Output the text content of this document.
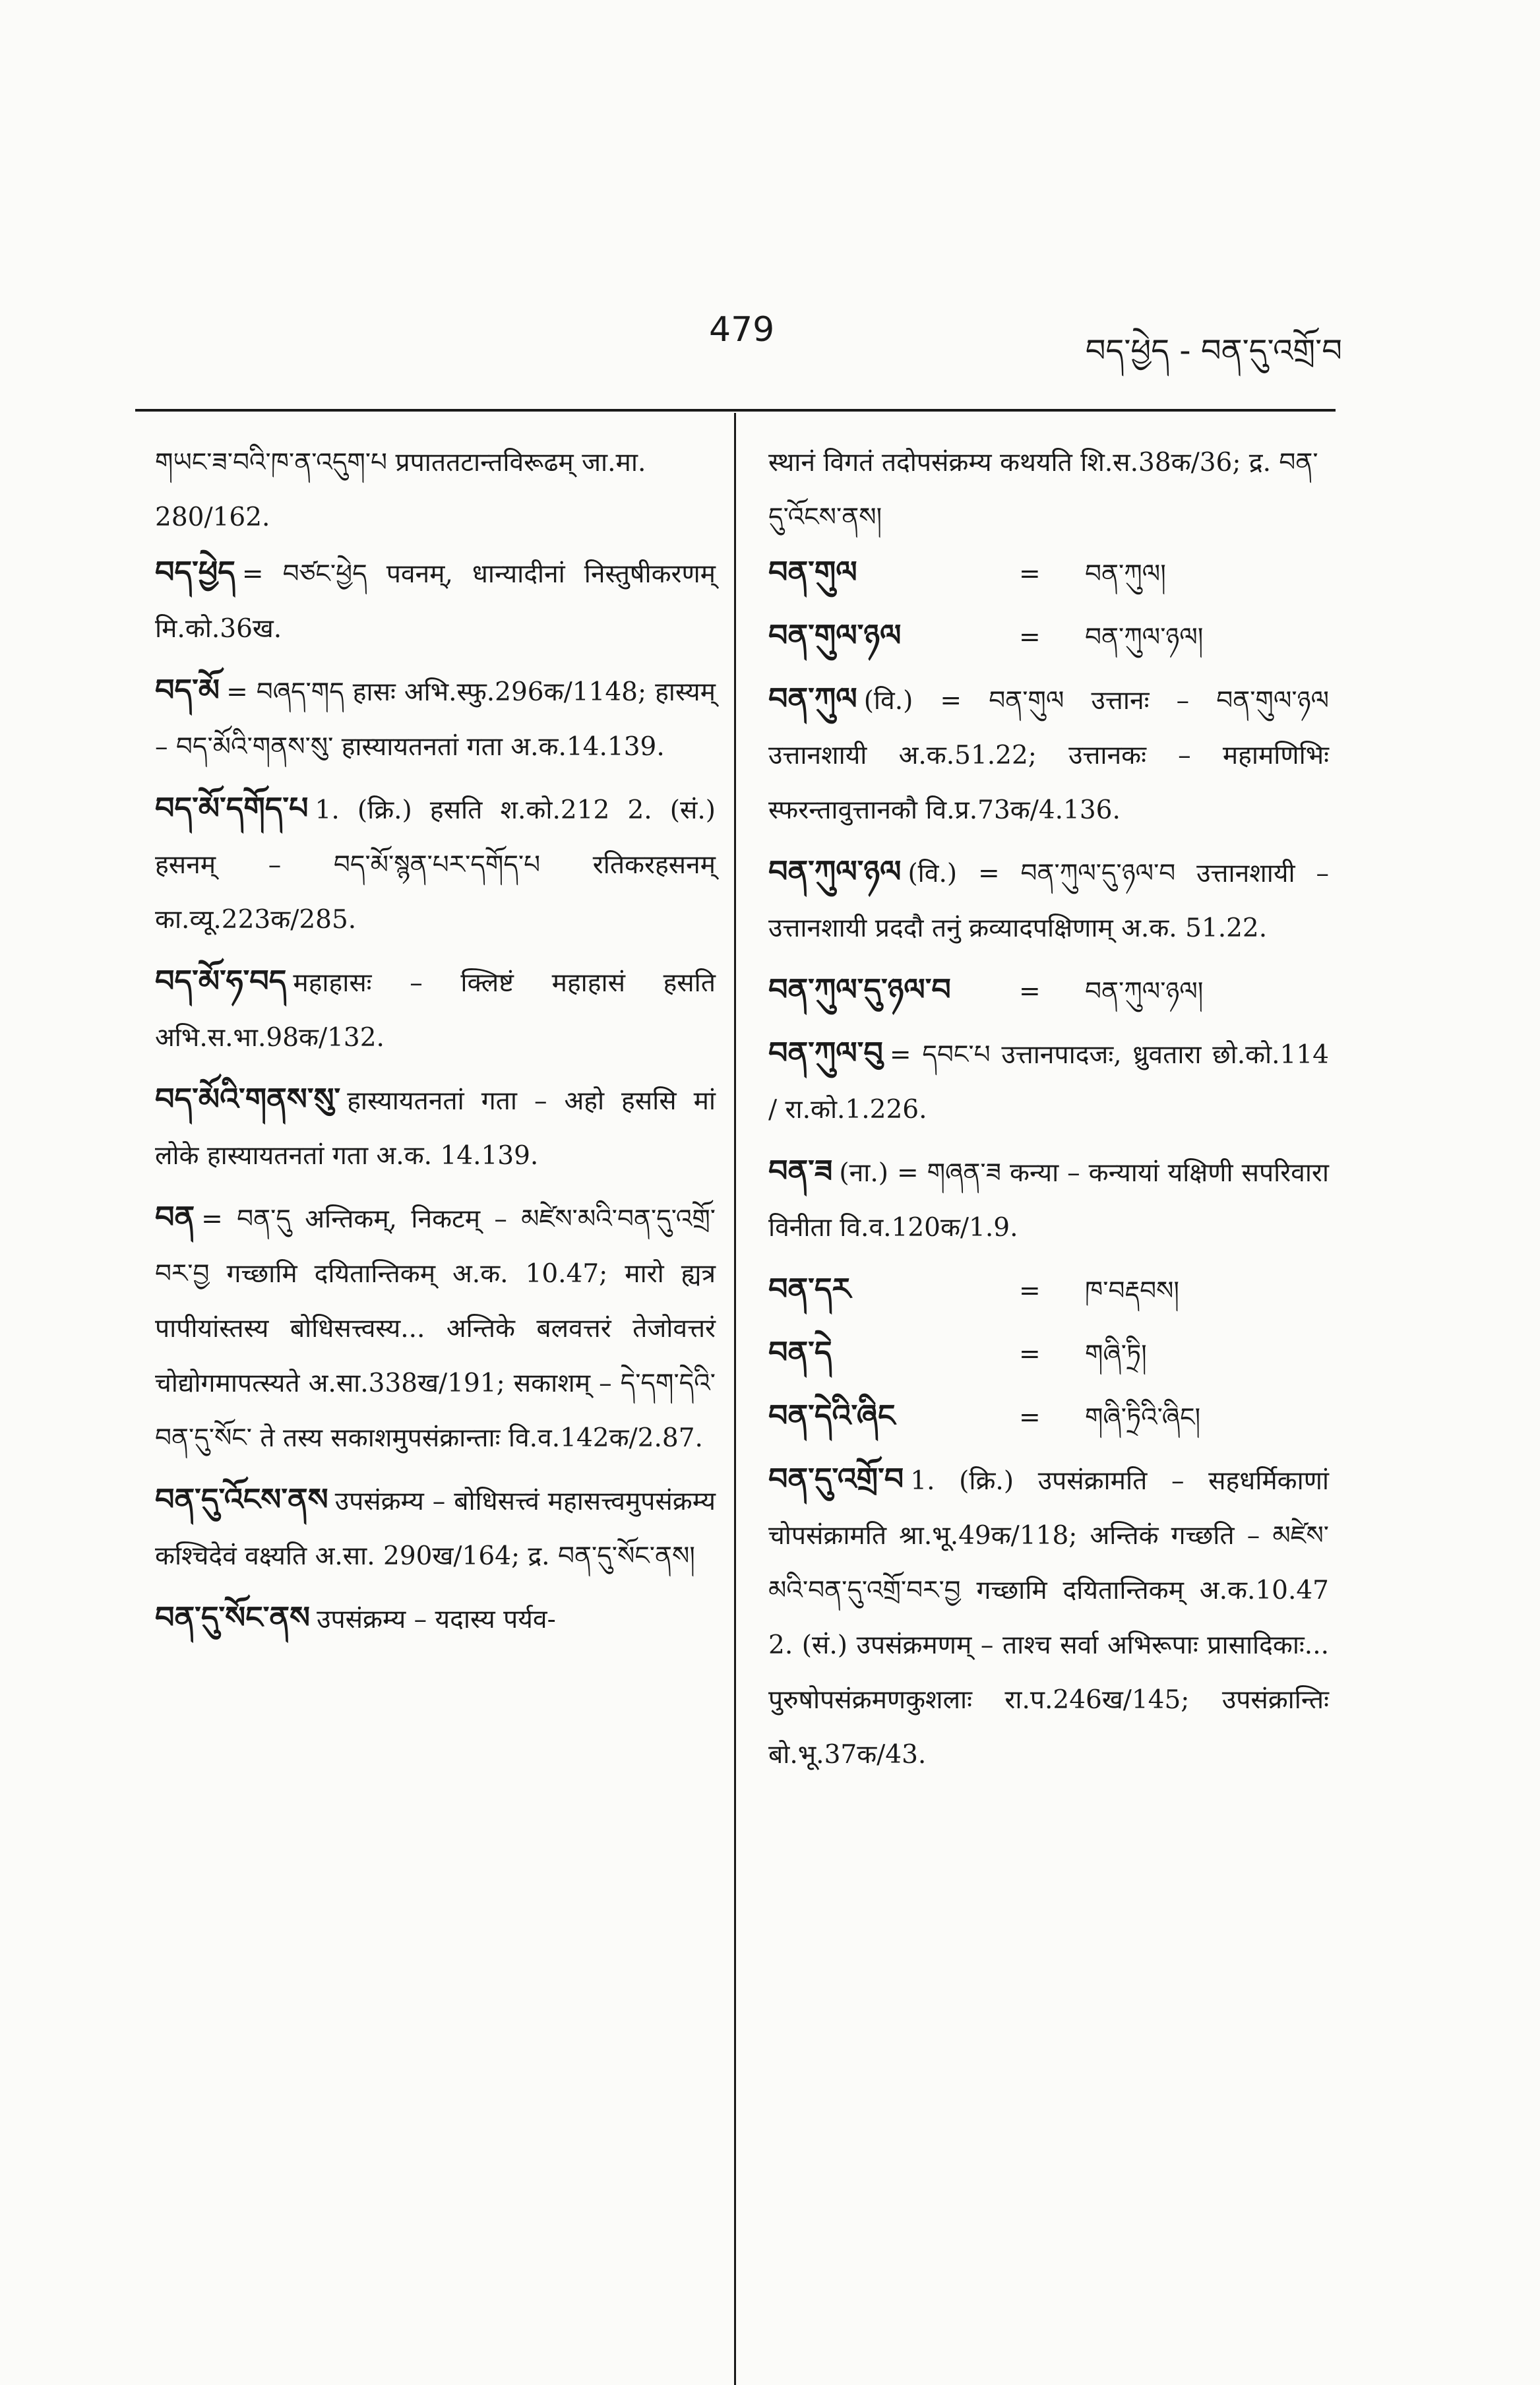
479
བད་ཕྱེད - བན་དུ་འགྲོ་བ

གཡང་ཟ་བའི་ཁ་ན་འདུག་པ प्रपाततटान्तविरूढम् जा.मा. 280/162.

བད་ཕྱེད = བཙང་ཕྱེད पवनम्, धान्यादीनां निस्तुषीकरणम् मि.को.36ख.

བད་མོ = བཞད་གད हासः अभि.स्फु.296क/1148; हास्यम् – བད་མོའི་གནས་སུ་ हास्यायतनतां गता अ.क.14.139.

བད་མོ་དགོད་པ 1. (क्रि.) हसति श.को.212 2. (सं.) हसनम् – བད་མོ་སྙན་པར་དགོད་པ रतिकरहसनम् का.व्यू.223क/285.

བད་མོ་ཧ་བད महाहासः – क्लिष्टं महाहासं हसति अभि.स.भा.98क/132.

བད་མོའི་གནས་སུ་ हास्यायतनतां गता – अहो हससि मां लोके हास्यायतनतां गता अ.क. 14.139.

བན = བན་དུ अन्तिकम्, निकटम् – མཛེས་མའི་བན་དུ་འགྲོ་བར་བྱ गच्छामि दयितान्तिकम् अ.क. 10.47; मारो ह्यत्र पापीयांस्तस्य बोधिसत्त्वस्य... अन्तिके बलवत्तरं तेजोवत्तरं चोद्योगमापत्स्यते अ.सा.338ख/191; सकाशम् – དེ་དག་དེའི་བན་དུ་སོང་ ते तस्य सकाशमुपसंक्रान्ताः वि.व.142क/2.87.

བན་དུ་འོངས་ནས उपसंक्रम्य – बोधिसत्त्वं महासत्त्वमुपसंक्रम्य कश्चिदेवं वक्ष्यति अ.सा. 290ख/164; द्र. བན་དུ་སོང་ནས།

བན་དུ་སོང་ནས उपसंक्रम्य – यदास्य पर्यव-

स्थानं विगतं तदोपसंक्रम्य कथयति शि.स.38क/36; द्र. བན་དུ་འོངས་ནས།

བན་གུལ	=	བན་ཀུལ།

བན་གུལ་ཉལ	=	བན་ཀུལ་ཉལ།

བན་ཀུལ (वि.) = བན་གུལ उत्तानः – བན་གུལ་ཉལ उत्तानशायी अ.क.51.22; उत्तानकः – महामणिभिः स्फरन्तावुत्तानकौ वि.प्र.73क/4.136.

བན་ཀུལ་ཉལ (वि.) = བན་ཀུལ་དུ་ཉལ་བ उत्तानशायी – उत्तानशायी प्रददौ तनुं क्रव्यादपक्षिणाम् अ.क. 51.22.

བན་ཀུལ་དུ་ཉལ་བ	=	བན་ཀུལ་ཉལ།

བན་ཀུལ་བུ = དབང་པ उत्तानपादजः, ध्रुवतारा छो.को.114 / रा.को.1.226.

བན་ཟ (ना.) = གཞན་ཟ कन्या – कन्यायां यक्षिणी सपरिवारा विनीता वि.व.120क/1.9.

བན་དར	=	ཁ་བརྡབས།

བན་དེ	=	གཞི་ཏྲི།

བན་དེའི་ཞིང	=	གཞི་ཏྲིའི་ཞིང།

བན་དུ་འགྲོ་བ 1. (क्रि.) उपसंक्रामति – सहधर्मिकाणां चोपसंक्रामति श्रा.भू.49क/118; अन्तिकं गच्छति – མཛེས་མའི་བན་དུ་འགྲོ་བར་བྱ गच्छामि दयितान्तिकम् अ.क.10.47 2. (सं.) उपसंक्रमणम् – ताश्च सर्वा अभिरूपाः प्रासादिकाः... पुरुषोपसंक्रमणकुशलाः रा.प.246ख/145; उपसंक्रान्तिः बो.भू.37क/43.
